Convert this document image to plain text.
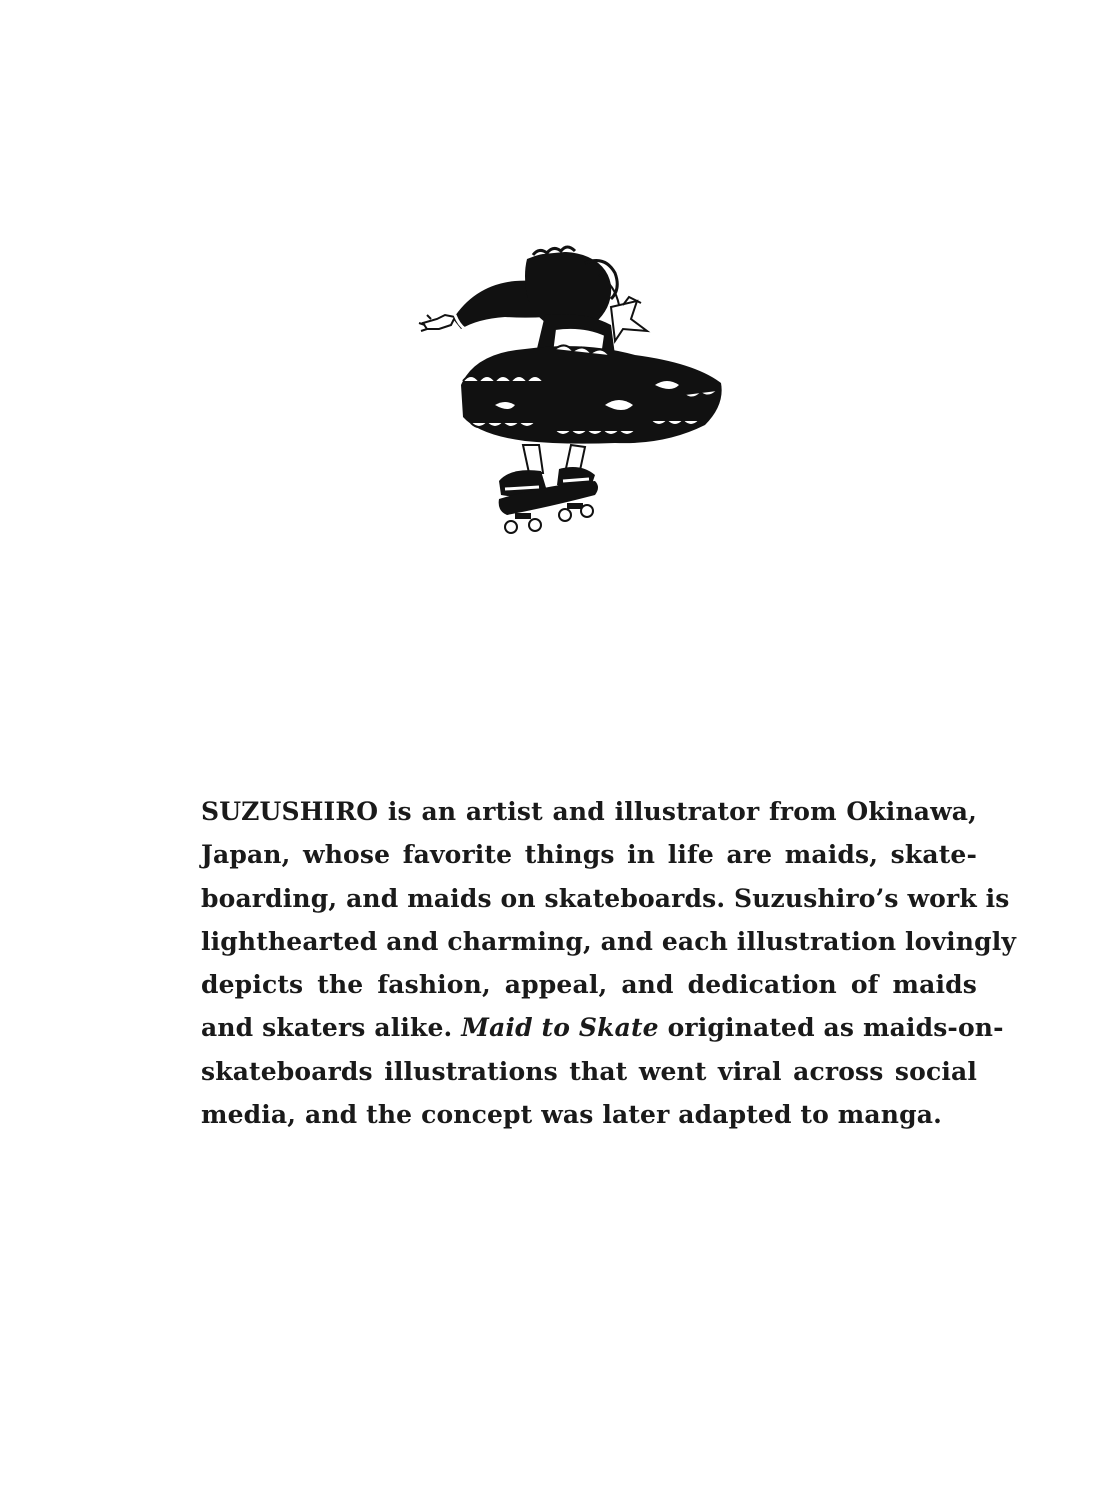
SUZUSHIRO is an artist and illustrator from Okinawa,
Japan, whose favorite things in life are maids, skate-
boarding, and maids on skateboards. Suzushiro’s work is
lighthearted and charming, and each illustration lovingly
depicts the fashion, appeal, and dedication of maids
and skaters alike. Maid to Skate originated as maids-on-
skateboards illustrations that went viral across social
media, and the concept was later adapted to manga.
